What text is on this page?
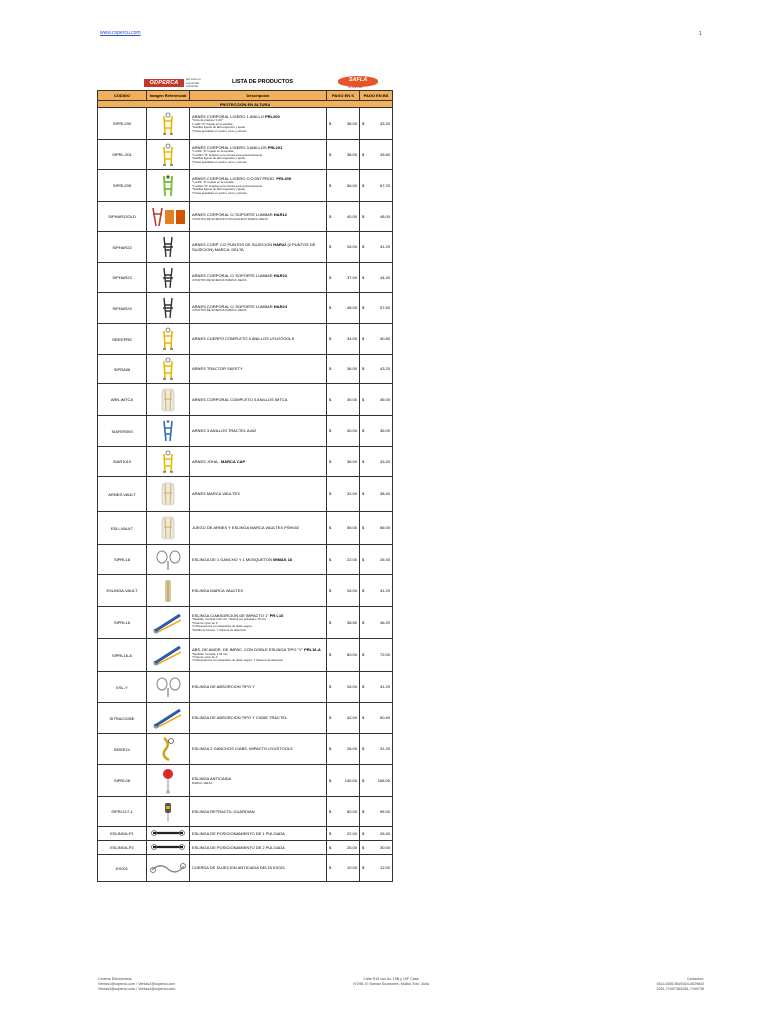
www.copercu.com	1
ODPERCA
del todo en seguridad industrial
LISTA DE PRODUCTOS	SAFLA
de seguridad
CODIGO	Imagen Referencial	Descripción	PAGO EN S	PAGO EN BS
PROTECCIÓN EN ALTURA				
SIPRL200		ARNÉS CORPORAL LIGERO 1 ANILLO PRL200
*Cinta de poliéster 1 3/4"
1 anillo "D" forjado en la espalda
*Hebillas ligeras de fácil enganche y ajuste
*Cintas ajustables en pecho, torso y piernas	$ 36.00	$ 43.20

SIPRL-201		ARNÉS CORPORAL LIGERO 3 ANILLOS PRL201
*1 anillo "D" forjado en la espalda
*2 anillos "D" forjados en la cintura para posicionamiento
*Hebillas ligeras de fácil enganche y ajuste
*Cintas ajustables en pecho, torso y piernas	$ 38.00	$ 45.60

SIPRL205		ARNES CORPORAL LIGERO C/CONT.PROD. PRL205
*1 anillo "D" forjado en la espalda
*2 anillos "D" forjados en la cintura para posicionamiento
*Hebillas ligeras de fácil enganche y ajuste
*Cintas ajustables en pecho, torso y piernas	$ 56.00	$ 67.20

SIPHAR12OLD		ARNES CORPORAL C/ SOPORTE LUMBAR HAR12
4 PUNTOS DE SUJECION CON CHALECO MARCA: DELTA	$ 40.00	$ 48.00

SIPHAR22		ARNES CORP. C/2 PUNTOS DE SUJECION HAR22 (2 PUNTOS DE SUJECION) MARCA: DELTA	$ 26.00	$ 31.20

SIPHAR23		ARNES CORPORAL C/ SOPORTE LUMBAR HAR23
3 PUNTOS DE SUJECION MARCA: DELTA	$ 37.00	$ 44.40

SIPHAR24		ARNES CORPORAL C/ SOPORTE LUMBAR HAR24
4 PUNTOS DE SUJECION MARCA: DELTA	$ 48.00	$ 57.60

SEIEEPRE		ARNES CUERPO COMPLETO 5 ANILLOS UYUSTOOLS	$ 34.00	$ 40.80

SIPRA06		ARNES TRACTOR SAFETY	$ 36.00	$ 43.20

ARN-IMTCA		ARNES CORPORAL COMPLETO 3 ANILLOS IMTCA	$ 30.00	$ 36.00

SIAFER093		ARNES 3 ANILLOS TRACTEL A442	$ 30.00	$ 36.00

SIAR1010		ARNES JOHA - MARCA CAP	$ 36.00	$ 43.20

ARNES-VAULT		ARNES MARCA VAULTEX	$ 32.00	$ 38.40

ESLI-VAULT		JUEGO DE ARNES Y ESLINGA MARCA VAULTEX PSH002	$ 55.00	$ 66.00

SIPRL18		ESLINGA DE 1 GANCHO Y 1 MOSQUETON MIMAS 18	$ 22.00	$ 26.40

ESLINGA-VAULT		ESLINGA MARCA VAULTEX	$ 26.00	$ 31.20

SIPRL16		ESLINGA C/ABSORCION DE IMPACTO 1" PR L16
*Medidas: Cerrada 1.96 mts. *Abierta (en activada 1.75 mts.
*Cinta de nylon de 1"
*2 Mosquetones con dispositivo de doble seguro
*Hebilla de fricción. Y Sistema de absorción	$ 38.50	$ 46.20

SIPRL16-A		ABS. DE AMOR. DE IMPAC. CON DOBLE ESLINGA TIPO "Y" PRL16-A
*Medidas: Cerrada, 1.96 mts
*Cinta de nylon de 1"
*2 Mosquetones con dispositivo de doble seguro, Y Sistema de absorción	$ 60.00	$ 72.00

ESL-Y		ESLINGA DE ABSORCION TIPO Y	$ 26.00	$ 31.20

SITRACO26E		ESLINGA DE ABSORCION TIPO Y C026E TRACTEL	$ 42.00	$ 50.40

SEIEELV		ESLINGA 2 GANCHOS C/ABS. IMPACTO UYUSTOOLS	$ 26.00	$ 31.20

SIPRL08		ESLINGA ANTICAIDA
MARCA: DELTA	$ 140.00	$ 168.00

SIPRL117-1		ESLINGA RETRACTIL GUARDIAN	$ 80.00	$ 96.00

ESLINGA-P1		ESLINGA DE POSICIONAMIENTO DE 1 PULGADA	$ 22.00	$ 26.40

ESLINGA-P2		ESLINGA DE POSICIONAMIENTO DE 2 PULGADA	$ 25.00	$ 30.00

EX021		CUERDA DE SUJECION ANTICAIDA DELTA EX021	$ 10.00	$ 12.00
Correos Electrónicos:
Ventas1@copercu.com / Ventas2@copercu.com
Ventas3@copercu.com / Ventas4@copercu.com
Calle R15 con Av. 19B y 19F Casa
N°298, El Samán Sucesores, Maiba, Edo. Zulia
Contactos:
0414-6351364/0424-6529843
0261-7199738/0261-7199738
